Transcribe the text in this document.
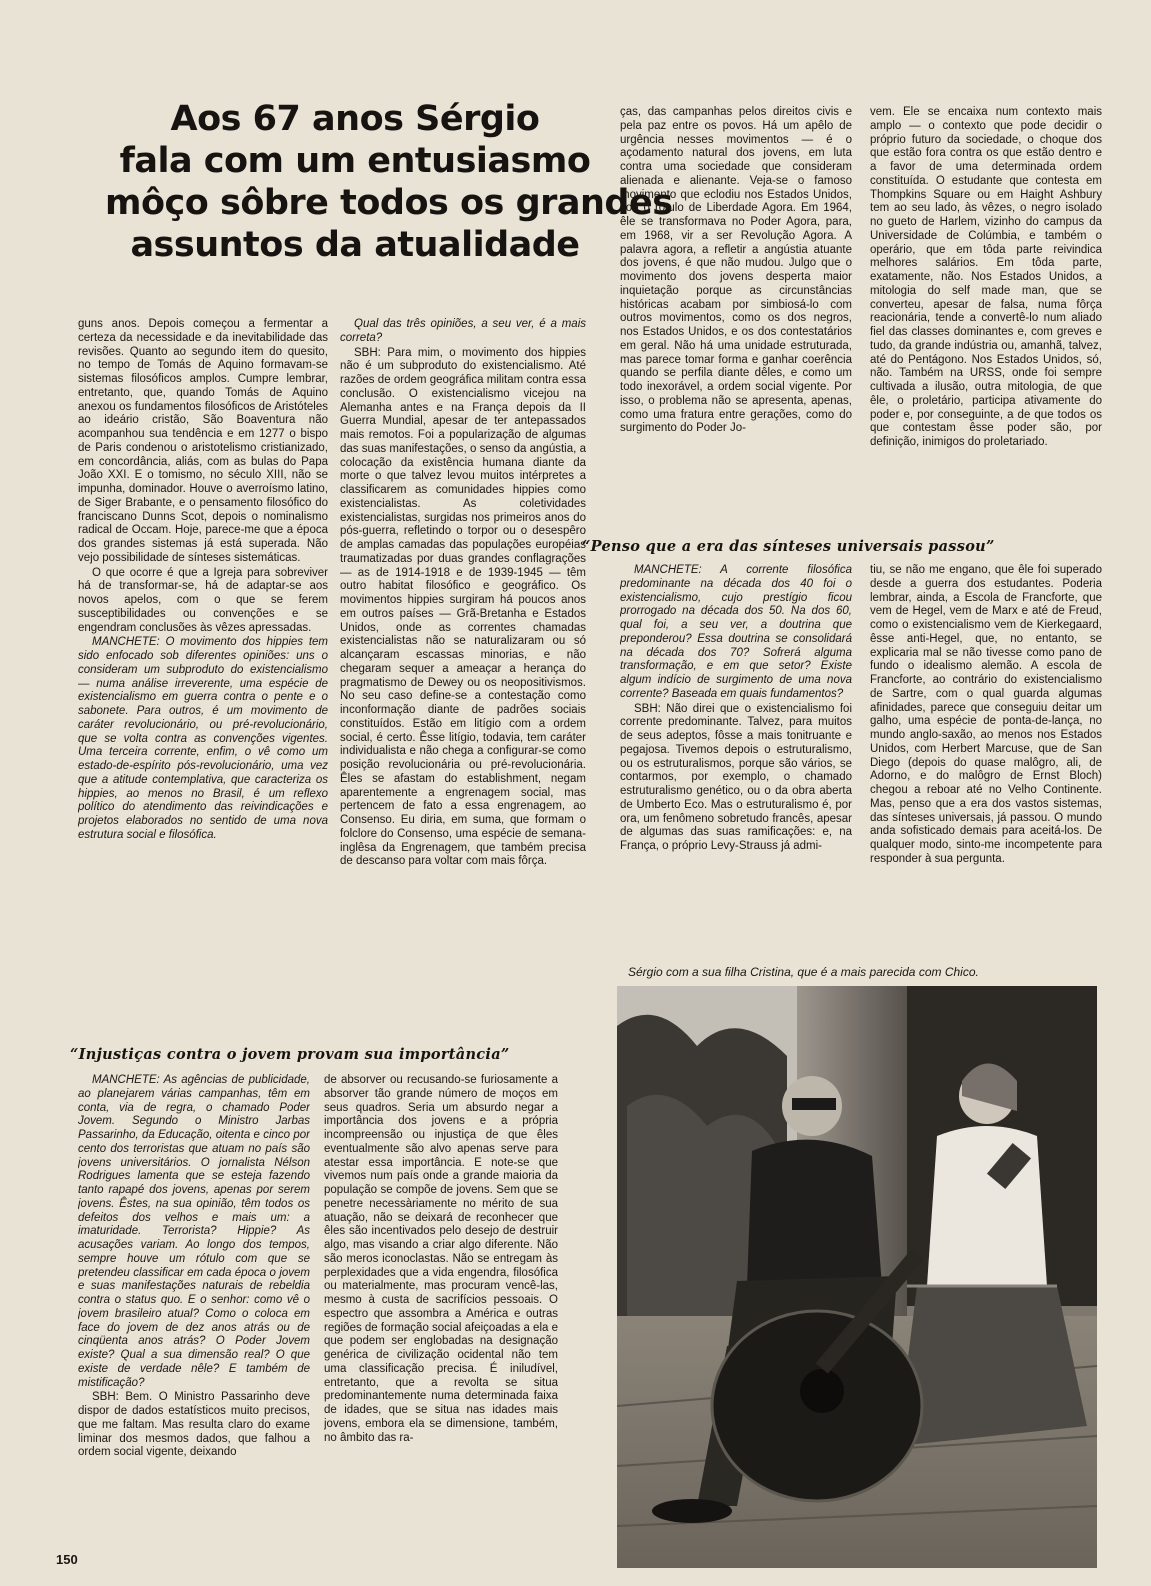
Aos 67 anos Sérgio
fala com um entusiasmo
môço sôbre todos os grandes
assuntos da atualidade

guns anos. Depois começou a fermentar a certeza da necessidade e da inevitabilidade das revisões. Quanto ao segundo item do quesito, no tempo de Tomás de Aquino formavam-se sistemas filosóficos amplos. Cumpre lembrar, entretanto, que, quando Tomás de Aquino anexou os fundamentos filosóficos de Aristóteles ao ideário cristão, São Boaventura não acompanhou sua tendência e em 1277 o bispo de Paris condenou o aristotelismo cristianizado, em concordância, aliás, com as bulas do Papa João XXI. E o tomismo, no século XIII, não se impunha, dominador. Houve o averroísmo latino, de Siger Brabante, e o pensamento filosófico do franciscano Dunns Scot, depois o nominalismo radical de Occam. Hoje, parece-me que a época dos grandes sistemas já está superada. Não vejo possibilidade de sínteses sistemáticas.

O que ocorre é que a Igreja para sobreviver há de transformar-se, há de adaptar-se aos novos apelos, com o que se ferem susceptibilidades ou convenções e se engendram conclusões às vêzes apressadas.

MANCHETE: O movimento dos hippies tem sido enfocado sob diferentes opiniões: uns o consideram um subproduto do existencialismo — numa análise irreverente, uma espécie de existencialismo em guerra contra o pente e o sabonete. Para outros, é um movimento de caráter revolucionário, ou pré-revolucionário, que se volta contra as convenções vigentes. Uma terceira corrente, enfim, o vê como um estado-de-espírito pós-revolucionário, uma vez que a atitude contemplativa, que caracteriza os hippies, ao menos no Brasil, é um reflexo político do atendimento das reivindicações e projetos elaborados no sentido de uma nova estrutura social e filosófica.

Qual das três opiniões, a seu ver, é a mais correta?

SBH: Para mim, o movimento dos hippies não é um subproduto do existencialismo. Até razões de ordem geográfica militam contra essa conclusão. O existencialismo vicejou na Alemanha antes e na França depois da II Guerra Mundial, apesar de ter antepassados mais remotos. Foi a popularização de algumas das suas manifestações, o senso da angústia, a colocação da existência humana diante da morte o que talvez levou muitos intérpretes a classificarem as comunidades hippies como existencialistas. As coletividades existencialistas, surgidas nos primeiros anos do pós-guerra, refletindo o torpor ou o desespêro de amplas camadas das populações européias traumatizadas por duas grandes conflagrações — as de 1914-1918 e de 1939-1945 — têm outro habitat filosófico e geográfico. Os movimentos hippies surgiram há poucos anos em outros países — Grã-Bretanha e Estados Unidos, onde as correntes chamadas existencialistas não se naturalizaram ou só alcançaram escassas minorias, e não chegaram sequer a ameaçar a herança do pragmatismo de Dewey ou os neopositivismos. No seu caso define-se a contestação como inconformação diante de padrões sociais constituídos. Estão em litígio com a ordem social, é certo. Êsse litígio, todavia, tem caráter individualista e não chega a configurar-se como posição revolucionária ou pré-revolucionária. Êles se afastam do establishment, negam aparentemente a engrenagem social, mas pertencem de fato a essa engrenagem, ao Consenso. Eu diria, em suma, que formam o folclore do Consenso, uma espécie de semana-inglêsa da Engrenagem, que também precisa de descanso para voltar com mais fôrça.

ças, das campanhas pelos direitos civis e pela paz entre os povos. Há um apêlo de urgência nesses movimentos — é o açodamento natural dos jovens, em luta contra uma sociedade que consideram alienada e alienante. Veja-se o famoso movimento que eclodiu nos Estados Unidos, sob o rótulo de Liberdade Agora. Em 1964, êle se transformava no Poder Agora, para, em 1968, vir a ser Revolução Agora. A palavra agora, a refletir a angústia atuante dos jovens, é que não mudou. Julgo que o movimento dos jovens desperta maior inquietação porque as circunstâncias históricas acabam por simbiosá-lo com outros movimentos, como os dos negros, nos Estados Unidos, e os dos contestatários em geral. Não há uma unidade estruturada, mas parece tomar forma e ganhar coerência quando se perfila diante dêles, e como um todo inexorável, a ordem social vigente. Por isso, o problema não se apresenta, apenas, como uma fratura entre gerações, como do surgimento do Poder Jo-

vem. Êle se encaixa num contexto mais amplo — o contexto que pode decidir o próprio futuro da sociedade, o choque dos que estão fora contra os que estão dentro e a favor de uma determinada ordem constituída. O estudante que contesta em Thompkins Square ou em Haight Ashbury tem ao seu lado, às vêzes, o negro isolado no gueto de Harlem, vizinho do campus da Universidade de Colúmbia, e também o operário, que em tôda parte reivindica melhores salários. Em tôda parte, exatamente, não. Nos Estados Unidos, a mitologia do self made man, que se converteu, apesar de falsa, numa fôrça reacionária, tende a convertê-lo num aliado fiel das classes dominantes e, com greves e tudo, da grande indústria ou, amanhã, talvez, até do Pentágono. Nos Estados Unidos, só, não. Também na URSS, onde foi sempre cultivada a ilusão, outra mitologia, de que êle, o proletário, participa ativamente do poder e, por conseguinte, a de que todos os que contestam êsse poder são, por definição, inimigos do proletariado.

“Penso que a era das sínteses universais passou”

MANCHETE: A corrente filosófica predominante na década dos 40 foi o existencialismo, cujo prestígio ficou prorrogado na década dos 50. Na dos 60, qual foi, a seu ver, a doutrina que preponderou? Essa doutrina se consolidará na década dos 70? Sofrerá alguma transformação, e em que setor? Existe algum indício de surgimento de uma nova corrente? Baseada em quais fundamentos?

SBH: Não direi que o existencialismo foi corrente predominante. Talvez, para muitos de seus adeptos, fôsse a mais tonitruante e pegajosa. Tivemos depois o estruturalismo, ou os estruturalismos, porque são vários, se contarmos, por exemplo, o chamado estruturalismo genético, ou o da obra aberta de Umberto Eco. Mas o estruturalismo é, por ora, um fenômeno sobretudo francês, apesar de algumas das suas ramificações: e, na França, o próprio Levy-Strauss já admi-

tiu, se não me engano, que êle foi superado desde a guerra dos estudantes. Poderia lembrar, ainda, a Escola de Francforte, que vem de Hegel, vem de Marx e até de Freud, como o existencialismo vem de Kierkegaard, êsse anti-Hegel, que, no entanto, se explicaria mal se não tivesse como pano de fundo o idealismo alemão. A escola de Francforte, ao contrário do existencialismo de Sartre, com o qual guarda algumas afinidades, parece que conseguiu deitar um galho, uma espécie de ponta-de-lança, no mundo anglo-saxão, ao menos nos Estados Unidos, com Herbert Marcuse, que de San Diego (depois do quase malôgro, ali, de Adorno, e do malôgro de Ernst Bloch) chegou a reboar até no Velho Continente. Mas, penso que a era dos vastos sistemas, das sínteses universais, já passou. O mundo anda sofisticado demais para aceitá-los. De qualquer modo, sinto-me incompetente para responder à sua pergunta.

Sérgio com a sua filha Cristina, que é a mais parecida com Chico.
“Injustiças contra o jovem provam sua importância”

MANCHETE: As agências de publicidade, ao planejarem várias campanhas, têm em conta, via de regra, o chamado Poder Jovem. Segundo o Ministro Jarbas Passarinho, da Educação, oitenta e cinco por cento dos terroristas que atuam no país são jovens universitários. O jornalista Nélson Rodrigues lamenta que se esteja fazendo tanto rapapé dos jovens, apenas por serem jovens. Êstes, na sua opinião, têm todos os defeitos dos velhos e mais um: a imaturidade. Terrorista? Hippie? As acusações variam. Ao longo dos tempos, sempre houve um rótulo com que se pretendeu classificar em cada época o jovem e suas manifestações naturais de rebeldia contra o status quo. E o senhor: como vê o jovem brasileiro atual? Como o coloca em face do jovem de dez anos atrás ou de cinqüenta anos atrás? O Poder Jovem existe? Qual a sua dimensão real? O que existe de verdade nêle? E também de mistificação?

SBH: Bem. O Ministro Passarinho deve dispor de dados estatísticos muito precisos, que me faltam. Mas resulta claro do exame liminar dos mesmos dados, que falhou a ordem social vigente, deixando

de absorver ou recusando-se furiosamente a absorver tão grande número de moços em seus quadros. Seria um absurdo negar a importância dos jovens e a própria incompreensão ou injustiça de que êles eventualmente são alvo apenas serve para atestar essa importância. E note-se que vivemos num país onde a grande maioria da população se compõe de jovens. Sem que se penetre necessàriamente no mérito de sua atuação, não se deixará de reconhecer que êles são incentivados pelo desejo de destruir algo, mas visando a criar algo diferente. Não são meros iconoclastas. Não se entregam às perplexidades que a vida engendra, filosófica ou materialmente, mas procuram vencê-las, mesmo à custa de sacrifícios pessoais. O espectro que assombra a América e outras regiões de formação social afeiçoadas a ela e que podem ser englobadas na designação genérica de civilização ocidental não tem uma classificação precisa. É iniludível, entretanto, que a revolta se situa predominantemente numa determinada faixa de idades, que se situa nas idades mais jovens, embora ela se dimensione, também, no âmbito das ra-

150
